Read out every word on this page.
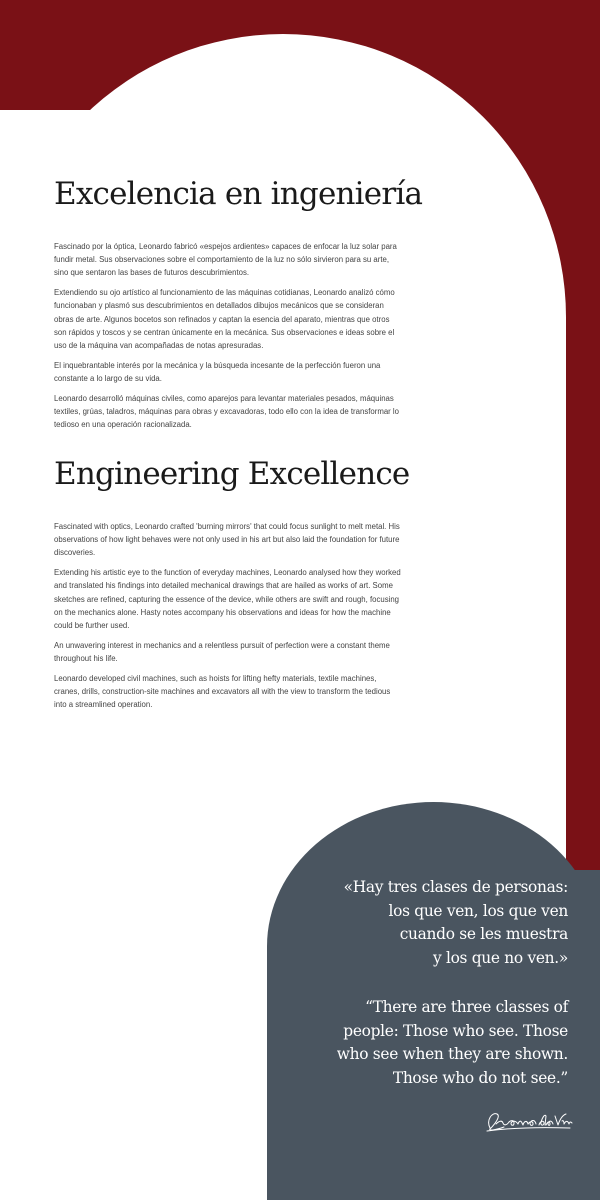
Excelencia en ingeniería

Fascinado por la óptica, Leonardo fabricó «espejos ardientes» capaces de enfocar la luz solar para fundir metal. Sus observaciones sobre el comportamiento de la luz no sólo sirvieron para su arte, sino que sentaron las bases de futuros descubrimientos.

Extendiendo su ojo artístico al funcionamiento de las máquinas cotidianas, Leonardo analizó cómo funcionaban y plasmó sus descubrimientos en detallados dibujos mecánicos que se consideran obras de arte. Algunos bocetos son refinados y captan la esencia del aparato, mientras que otros son rápidos y toscos y se centran únicamente en la mecánica. Sus observaciones e ideas sobre el uso de la máquina van acompañadas de notas apresuradas.

El inquebrantable interés por la mecánica y la búsqueda incesante de la perfección fueron una constante a lo largo de su vida.

Leonardo desarrolló máquinas civiles, como aparejos para levantar materiales pesados, máquinas textiles, grúas, taladros, máquinas para obras y excavadoras, todo ello con la idea de transformar lo tedioso en una operación racionalizada.

Engineering Excellence

Fascinated with optics, Leonardo crafted 'burning mirrors' that could focus sunlight to melt metal. His observations of how light behaves were not only used in his art but also laid the foundation for future discoveries.

Extending his artistic eye to the function of everyday machines, Leonardo analysed how they worked and translated his findings into detailed mechanical drawings that are hailed as works of art. Some sketches are refined, capturing the essence of the device, while others are swift and rough, focusing on the mechanics alone. Hasty notes accompany his observations and ideas for how the machine could be further used.

An unwavering interest in mechanics and a relentless pursuit of perfection were a constant theme throughout his life.

Leonardo developed civil machines, such as hoists for lifting hefty materials, textile machines, cranes, drills, construction-site machines and excavators all with the view to transform the tedious into a streamlined operation.

«Hay tres clases de personas:
los que ven, los que ven
cuando se les muestra
y los que no ven.»
“There are three classes of
people: Those who see. Those
who see when they are shown.
Those who do not see.”
